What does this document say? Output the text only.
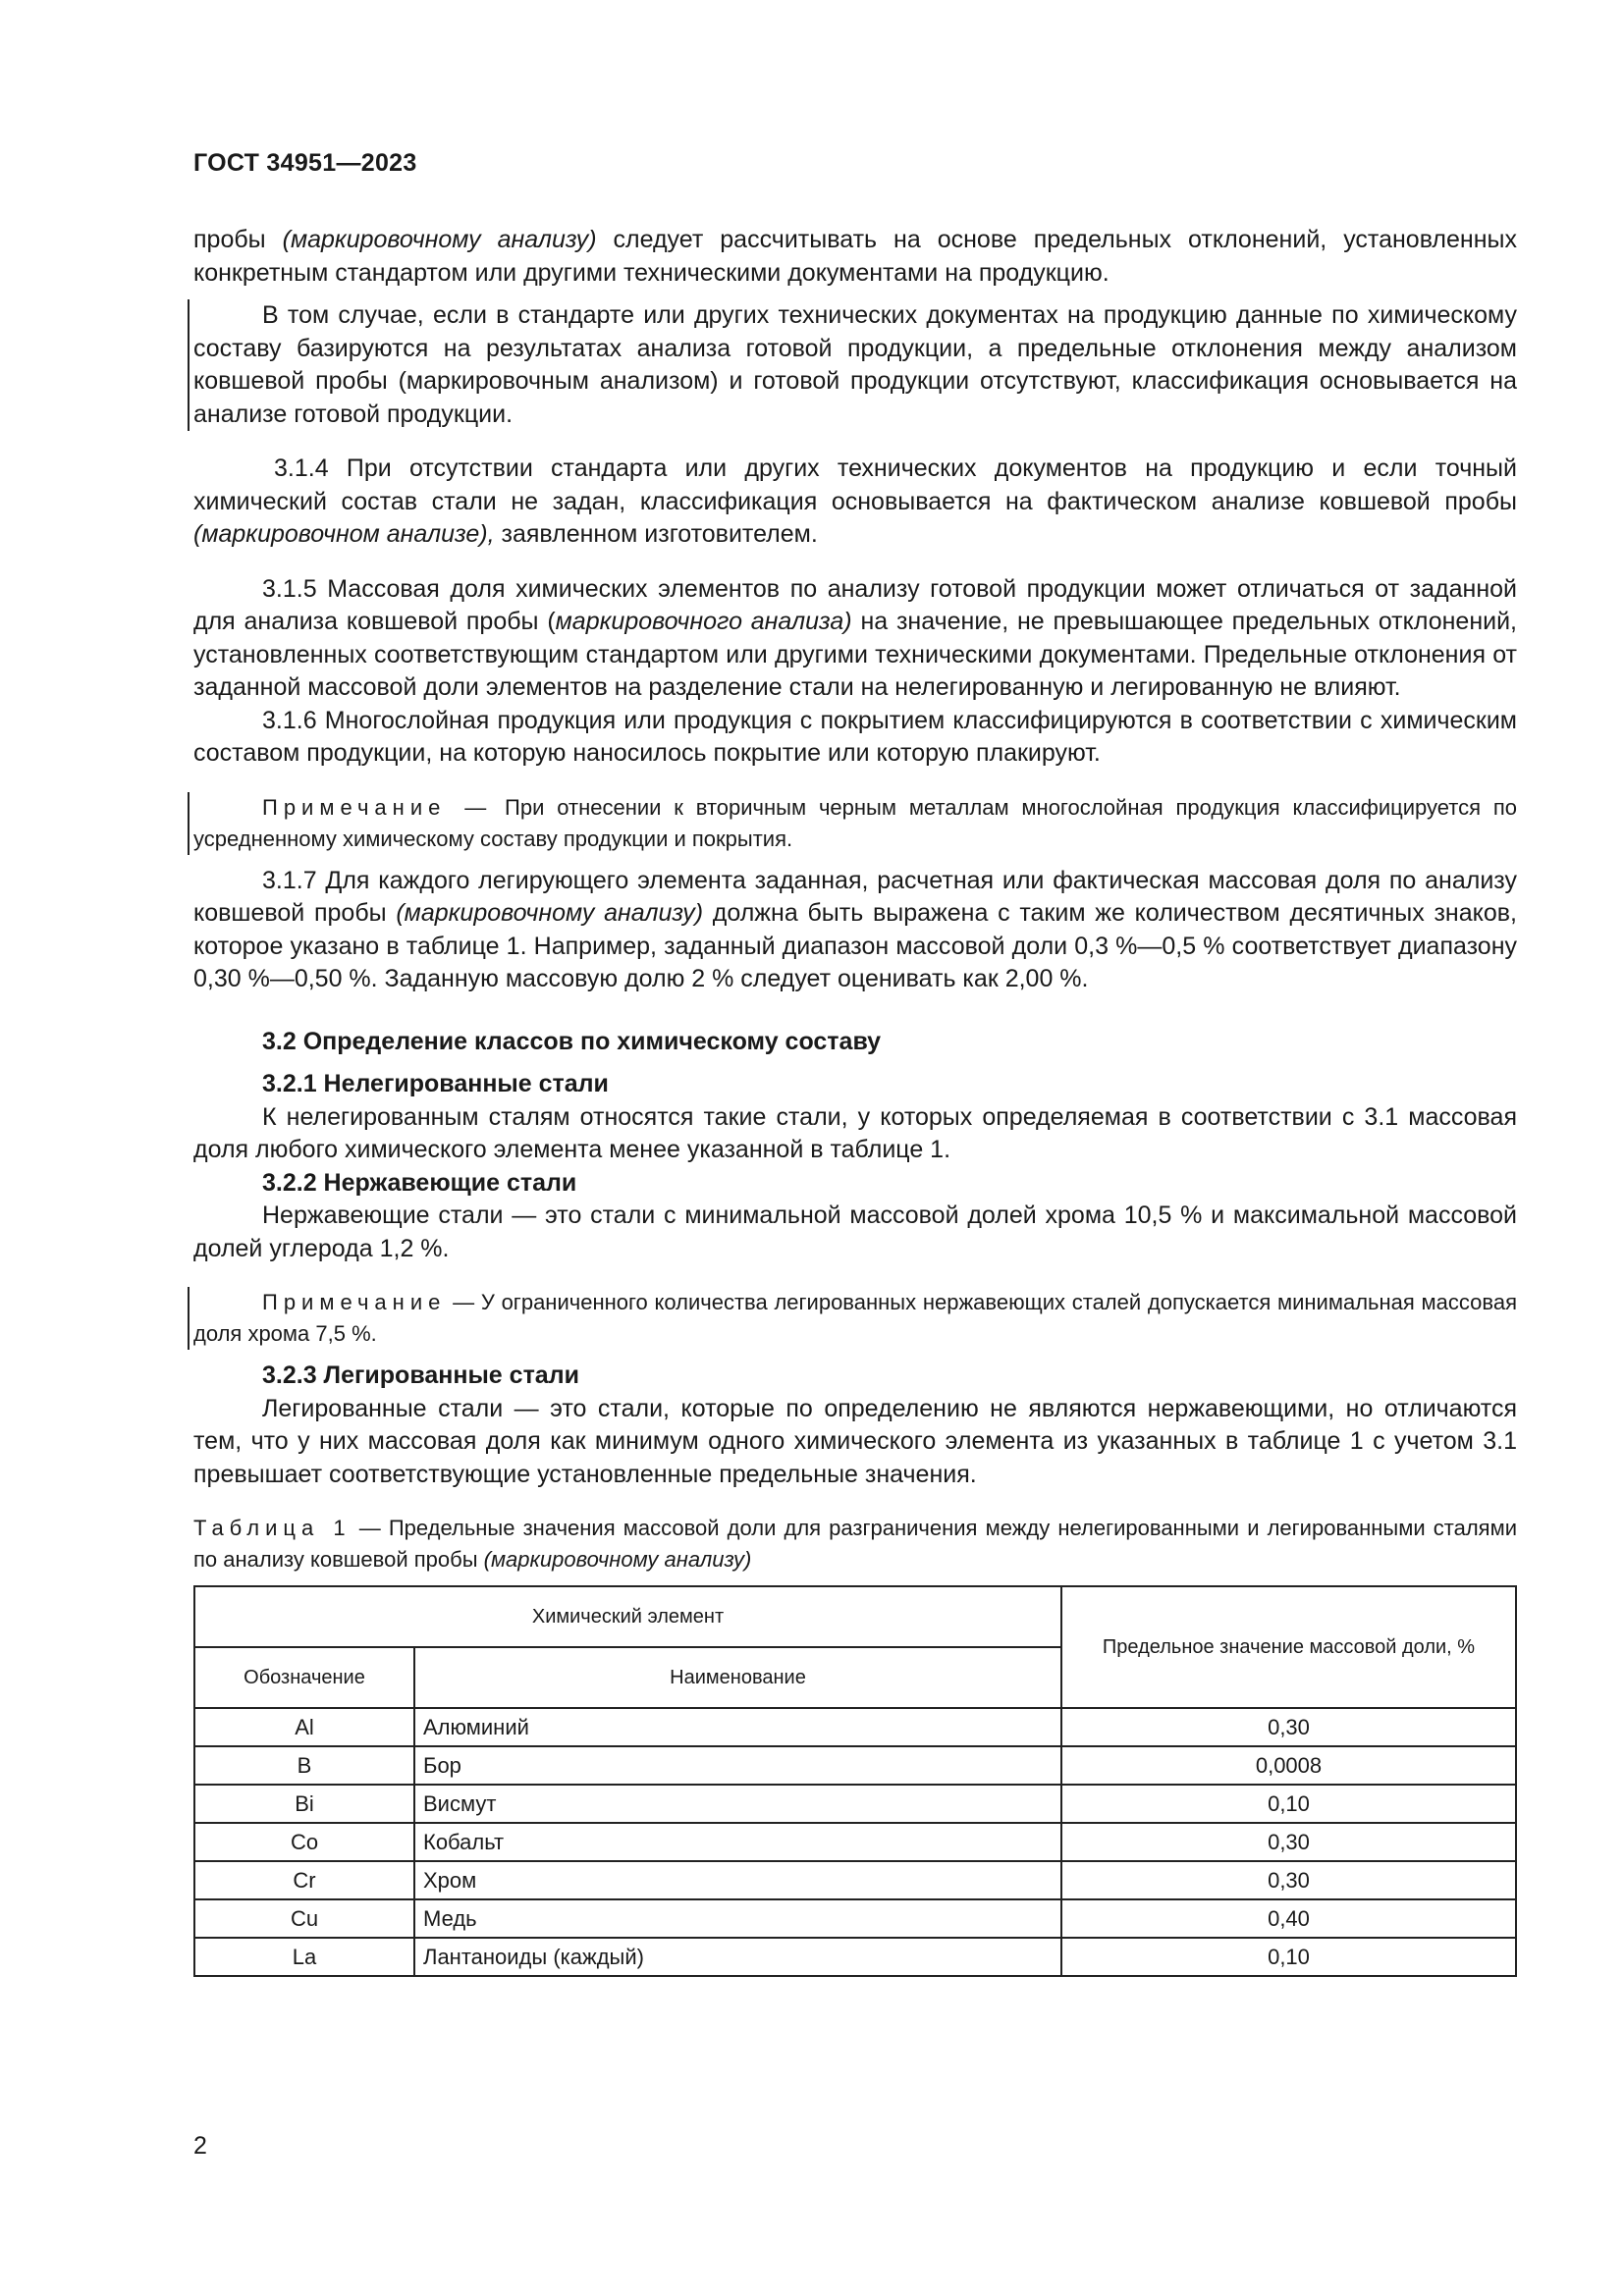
ГОСТ 34951—2023

пробы (маркировочному анализу) следует рассчитывать на основе предельных отклонений, установленных конкретным стандартом или другими техническими документами на продукцию.

В том случае, если в стандарте или других технических документах на продукцию данные по химическому составу базируются на результатах анализа готовой продукции, а предельные отклонения между анализом ковшевой пробы (маркировочным анализом) и готовой продукции отсутствуют, классификация основывается на анализе готовой продукции.

3.1.4 При отсутствии стандарта или других технических документов на продукцию и если точный химический состав стали не задан, классификация основывается на фактическом анализе ковшевой пробы (маркировочном анализе), заявленном изготовителем.

3.1.5 Массовая доля химических элементов по анализу готовой продукции может отличаться от заданной для анализа ковшевой пробы (маркировочного анализа) на значение, не превышающее предельных отклонений, установленных соответствующим стандартом или другими техническими документами. Предельные отклонения от заданной массовой доли элементов на разделение стали на нелегированную и легированную не влияют.

3.1.6 Многослойная продукция или продукция с покрытием классифицируются в соответствии с химическим составом продукции, на которую наносилось покрытие или которую плакируют.

Примечание — При отнесении к вторичным черным металлам многослойная продукция классифицируется по усредненному химическому составу продукции и покрытия.

3.1.7 Для каждого легирующего элемента заданная, расчетная или фактическая массовая доля по анализу ковшевой пробы (маркировочному анализу) должна быть выражена с таким же количеством десятичных знаков, которое указано в таблице 1. Например, заданный диапазон массовой доли 0,3 %—0,5 % соответствует диапазону 0,30 %—0,50 %. Заданную массовую долю 2 % следует оценивать как 2,00 %.

3.2 Определение классов по химическому составу
3.2.1 Нелегированные стали

К нелегированным сталям относятся такие стали, у которых определяемая в соответствии с 3.1 массовая доля любого химического элемента менее указанной в таблице 1.

3.2.2 Нержавеющие стали

Нержавеющие стали — это стали с минимальной массовой долей хрома 10,5 % и максимальной массовой долей углерода 1,2 %.

Примечание — У ограниченного количества легированных нержавеющих сталей допускается минимальная массовая доля хрома 7,5 %.
3.2.3 Легированные стали

Легированные стали — это стали, которые по определению не являются нержавеющими, но отличаются тем, что у них массовая доля как минимум одного химического элемента из указанных в таблице 1 с учетом 3.1 превышает соответствующие установленные предельные значения.

Таблица 1 — Предельные значения массовой доли для разграничения между нелегированными и легированными сталями по анализу ковшевой пробы (маркировочному анализу)
Химический элемент		Предельное значение массовой доли, %
Обозначение	Наименование	
Al	Алюминий	0,30
B	Бор	0,0008
Bi	Висмут	0,10
Co	Кобальт	0,30
Cr	Хром	0,30
Cu	Медь	0,40
La	Лантаноиды (каждый)	0,10
2
